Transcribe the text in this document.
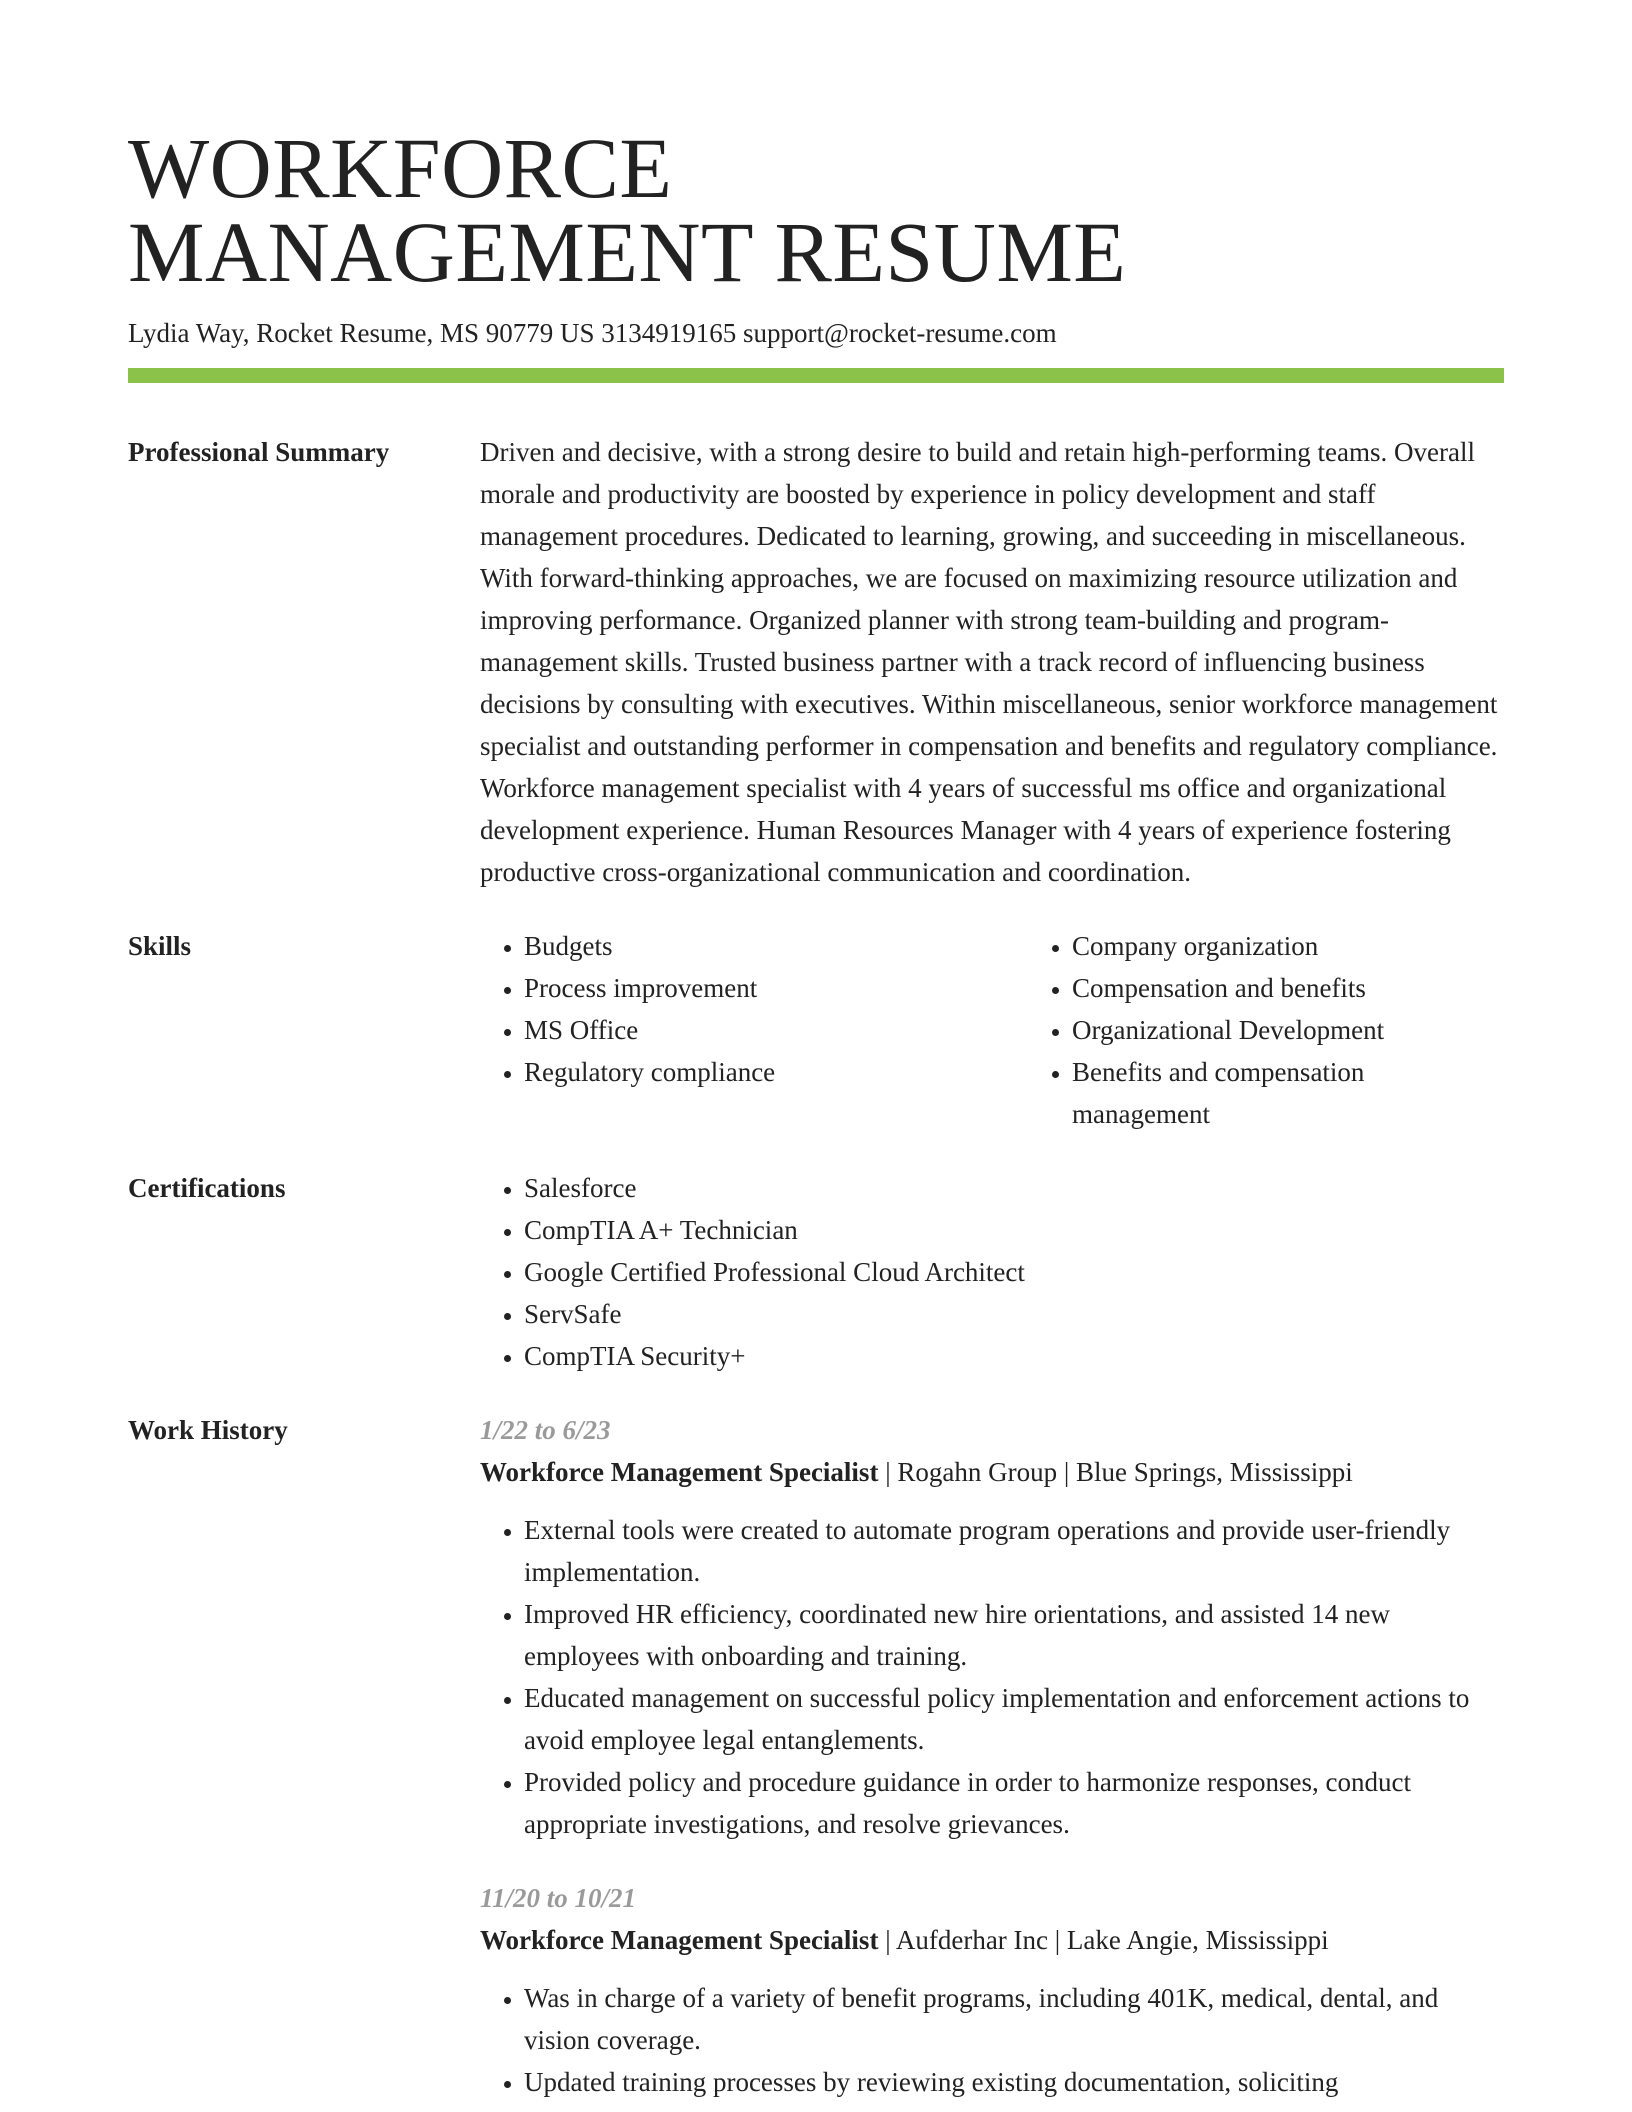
WORKFORCE
MANAGEMENT RESUME
Lydia Way, Rocket Resume, MS 90779 US 3134919165 support@rocket-resume.com
Professional Summary	Driven and decisive, with a strong desire to build and retain high-performing teams. Overall morale and productivity are boosted by experience in policy development and staff management procedures. Dedicated to learning, growing, and succeeding in miscellaneous. With forward-thinking approaches, we are focused on maximizing resource utilization and improving performance. Organized planner with strong team-building and program-management skills. Trusted business partner with a track record of influencing business decisions by consulting with executives. Within miscellaneous, senior workforce management specialist and outstanding performer in compensation and benefits and regulatory compliance. Workforce management specialist with 4 years of successful ms office and organizational development experience. Human Resources Manager with 4 years of experience fostering productive cross-organizational communication and coordination.

Skills	• Budgets
• Process improvement
• MS Office
• Regulatory compliance
• Company organization
• Compensation and benefits
• Organizational Development
• Benefits and compensation management
Certifications	• Salesforce
• CompTIA A+ Technician
• Google Certified Professional Cloud Architect
• ServSafe
• CompTIA Security+
Work History	1/22 to 6/23
Workforce Management Specialist | Rogahn Group | Blue Springs, Mississippi
• External tools were created to automate program operations and provide user-friendly implementation.
• Improved HR efficiency, coordinated new hire orientations, and assisted 14 new employees with onboarding and training.
• Educated management on successful policy implementation and enforcement actions to avoid employee legal entanglements.
• Provided policy and procedure guidance in order to harmonize responses, conduct appropriate investigations, and resolve grievances.
11/20 to 10/21
Workforce Management Specialist | Aufderhar Inc | Lake Angie, Mississippi
• Was in charge of a variety of benefit programs, including 401K, medical, dental, and vision coverage.
• Updated training processes by reviewing existing documentation, soliciting
